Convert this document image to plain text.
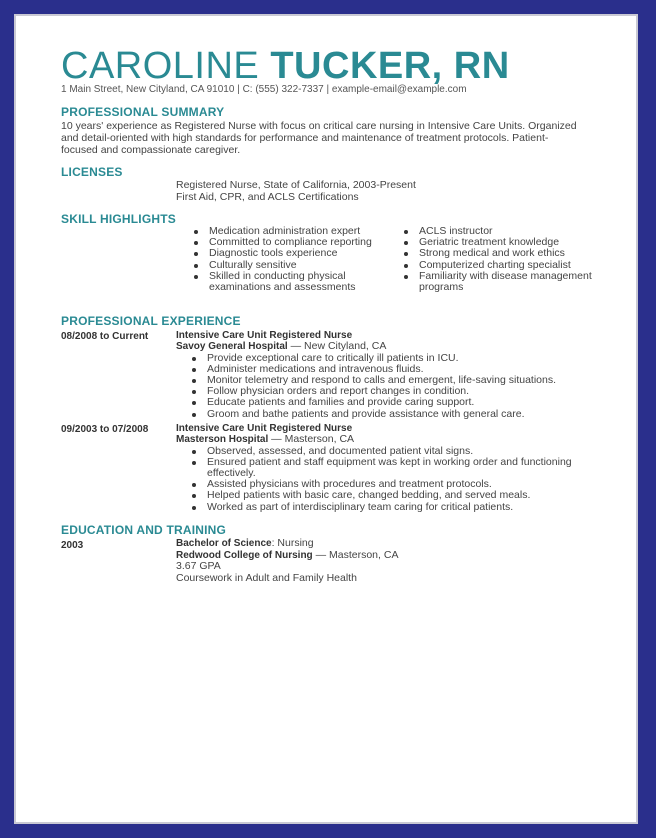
CAROLINE TUCKER, RN
1 Main Street, New Cityland, CA 91010 | C: (555) 322-7337 | example-email@example.com
PROFESSIONAL SUMMARY
10 years' experience as Registered Nurse with focus on critical care nursing in Intensive Care Units. Organized and detail-oriented with high standards for performance and maintenance of treatment protocols. Patient-focused and compassionate caregiver.
LICENSES
Registered Nurse, State of California, 2003-Present
First Aid, CPR, and ACLS Certifications
SKILL HIGHLIGHTS
Medication administration expert
Committed to compliance reporting
Diagnostic tools experience
Culturally sensitive
Skilled in conducting physical examinations and assessments
ACLS instructor
Geriatric treatment knowledge
Strong medical and work ethics
Computerized charting specialist
Familiarity with disease management programs
PROFESSIONAL EXPERIENCE
08/2008 to Current	Intensive Care Unit Registered Nurse
Savoy General Hospital — New Cityland, CA
Provide exceptional care to critically ill patients in ICU.
Administer medications and intravenous fluids.
Monitor telemetry and respond to calls and emergent, life-saving situations.
Follow physician orders and report changes in condition.
Educate patients and families and provide caring support.
Groom and bathe patients and provide assistance with general care.
09/2003 to 07/2008	Intensive Care Unit Registered Nurse
Masterson Hospital — Masterson, CA
Observed, assessed, and documented patient vital signs.
Ensured patient and staff equipment was kept in working order and functioning effectively.
Assisted physicians with procedures and treatment protocols.
Helped patients with basic care, changed bedding, and served meals.
Worked as part of interdisciplinary team caring for critical patients.
EDUCATION AND TRAINING
2003	Bachelor of Science: Nursing
Redwood College of Nursing — Masterson, CA
3.67 GPA
Coursework in Adult and Family Health
